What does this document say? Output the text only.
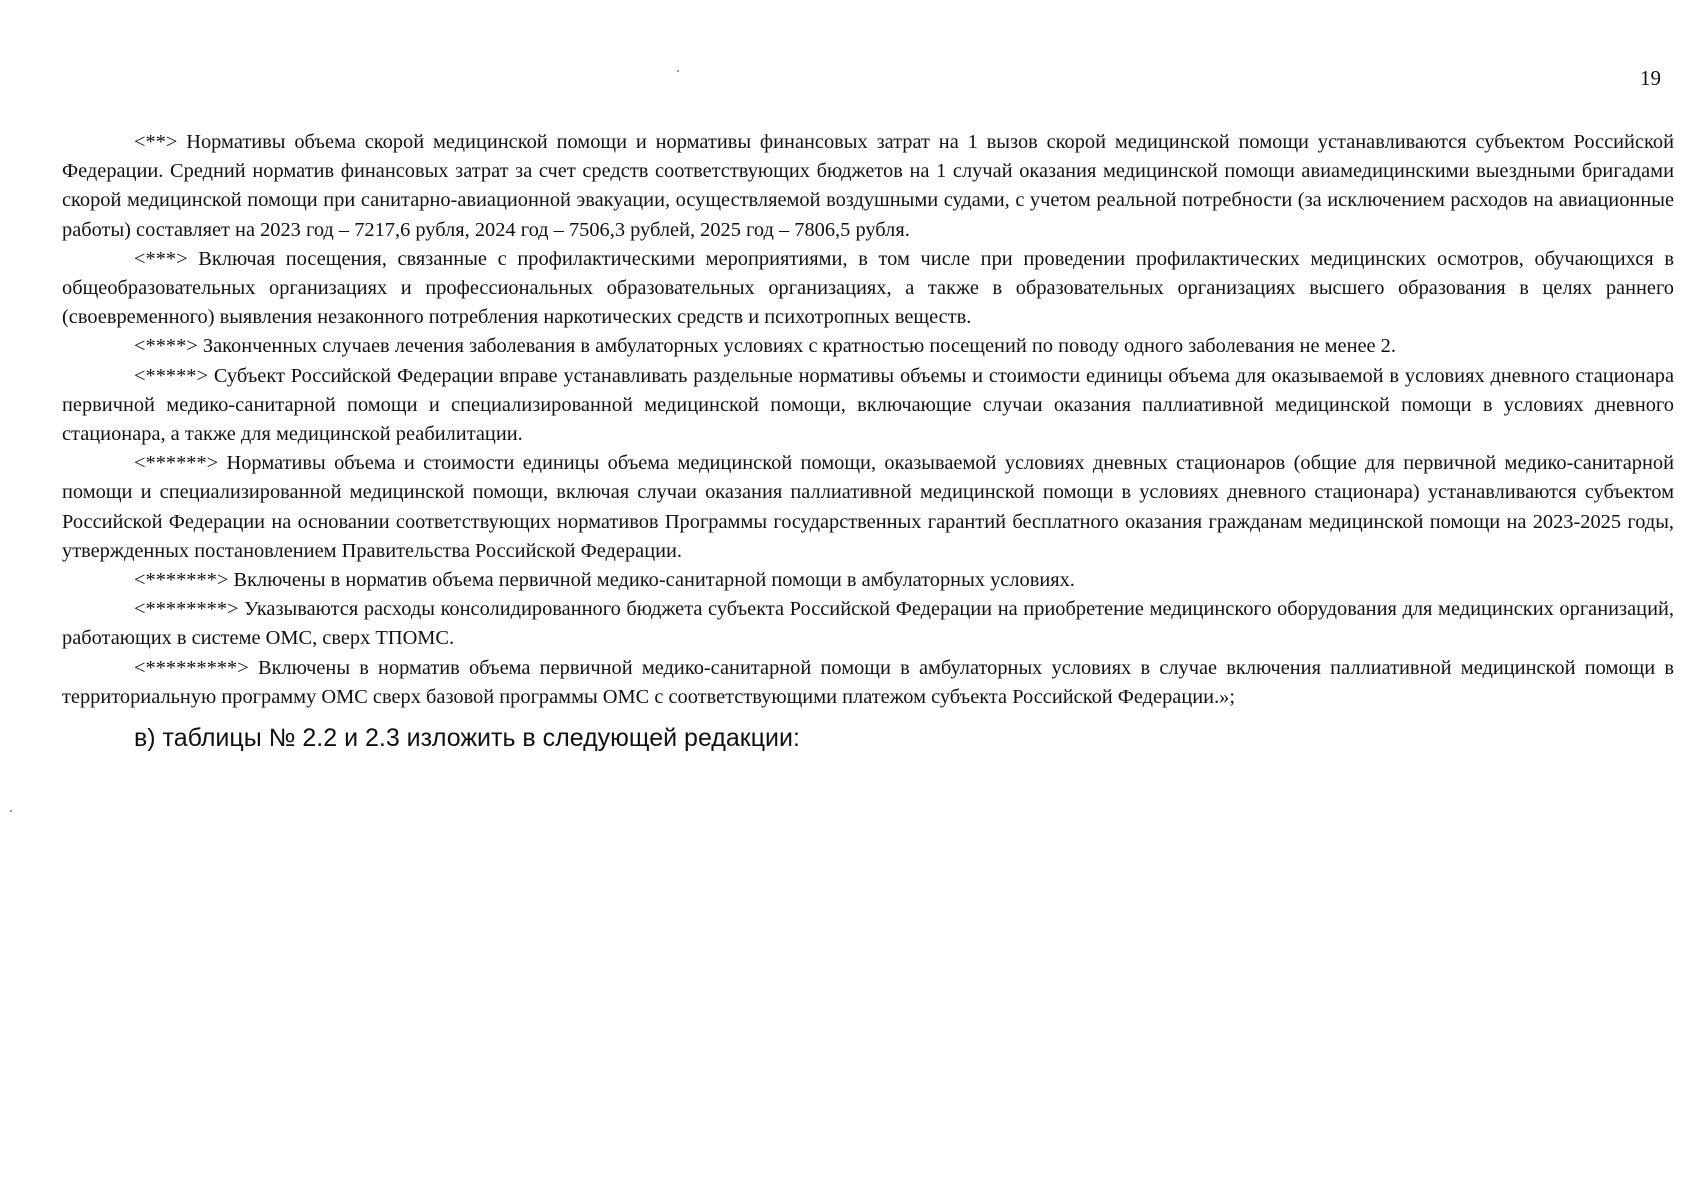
19

<**> Нормативы объема скорой медицинской помощи и нормативы финансовых затрат на 1 вызов скорой медицинской помощи устанавливаются субъектом Российской Федерации. Средний норматив финансовых затрат за счет средств соответствующих бюджетов на 1 случай оказания медицинской помощи авиамедицинскими выездными бригадами скорой медицинской помощи при санитарно-авиационной эвакуации, осуществляемой воздушными судами, с учетом реальной потребности (за исключением расходов на авиационные работы) составляет на 2023 год – 7217,6 рубля, 2024 год – 7506,3 рублей, 2025 год – 7806,5 рубля.

<***> Включая посещения, связанные с профилактическими мероприятиями, в том числе при проведении профилактических медицинских осмотров, обучающихся в общеобразовательных организациях и профессиональных образовательных организациях, а также в образовательных организациях высшего образования в целях раннего (своевременного) выявления незаконного потребления наркотических средств и психотропных веществ.

<****> Законченных случаев лечения заболевания в амбулаторных условиях с кратностью посещений по поводу одного заболевания не менее 2.

<*****> Субъект Российской Федерации вправе устанавливать раздельные нормативы объемы и стоимости единицы объема для оказываемой в условиях дневного стационара первичной медико-санитарной помощи и специализированной медицинской помощи, включающие случаи оказания паллиативной медицинской помощи в условиях дневного стационара, а также для медицинской реабилитации.

<******> Нормативы объема и стоимости единицы объема медицинской помощи, оказываемой условиях дневных стационаров (общие для первичной медико-санитарной помощи и специализированной медицинской помощи, включая случаи оказания паллиативной медицинской помощи в условиях дневного стационара) устанавливаются субъектом Российской Федерации на основании соответствующих нормативов Программы государственных гарантий бесплатного оказания гражданам медицинской помощи на 2023-2025 годы, утвержденных постановлением Правительства Российской Федерации.

<*******> Включены в норматив объема первичной медико-санитарной помощи в амбулаторных условиях.

<********> Указываются расходы консолидированного бюджета субъекта Российской Федерации на приобретение медицинского оборудования для медицинских организаций, работающих в системе ОМС, сверх ТПОМС.

<*********> Включены в норматив объема первичной медико-санитарной помощи в амбулаторных условиях в случае включения паллиативной медицинской помощи в территориальную программу ОМС сверх базовой программы ОМС с соответствующими платежом субъекта Российской Федерации.»;

в) таблицы № 2.2 и 2.3 изложить в следующей редакции:
